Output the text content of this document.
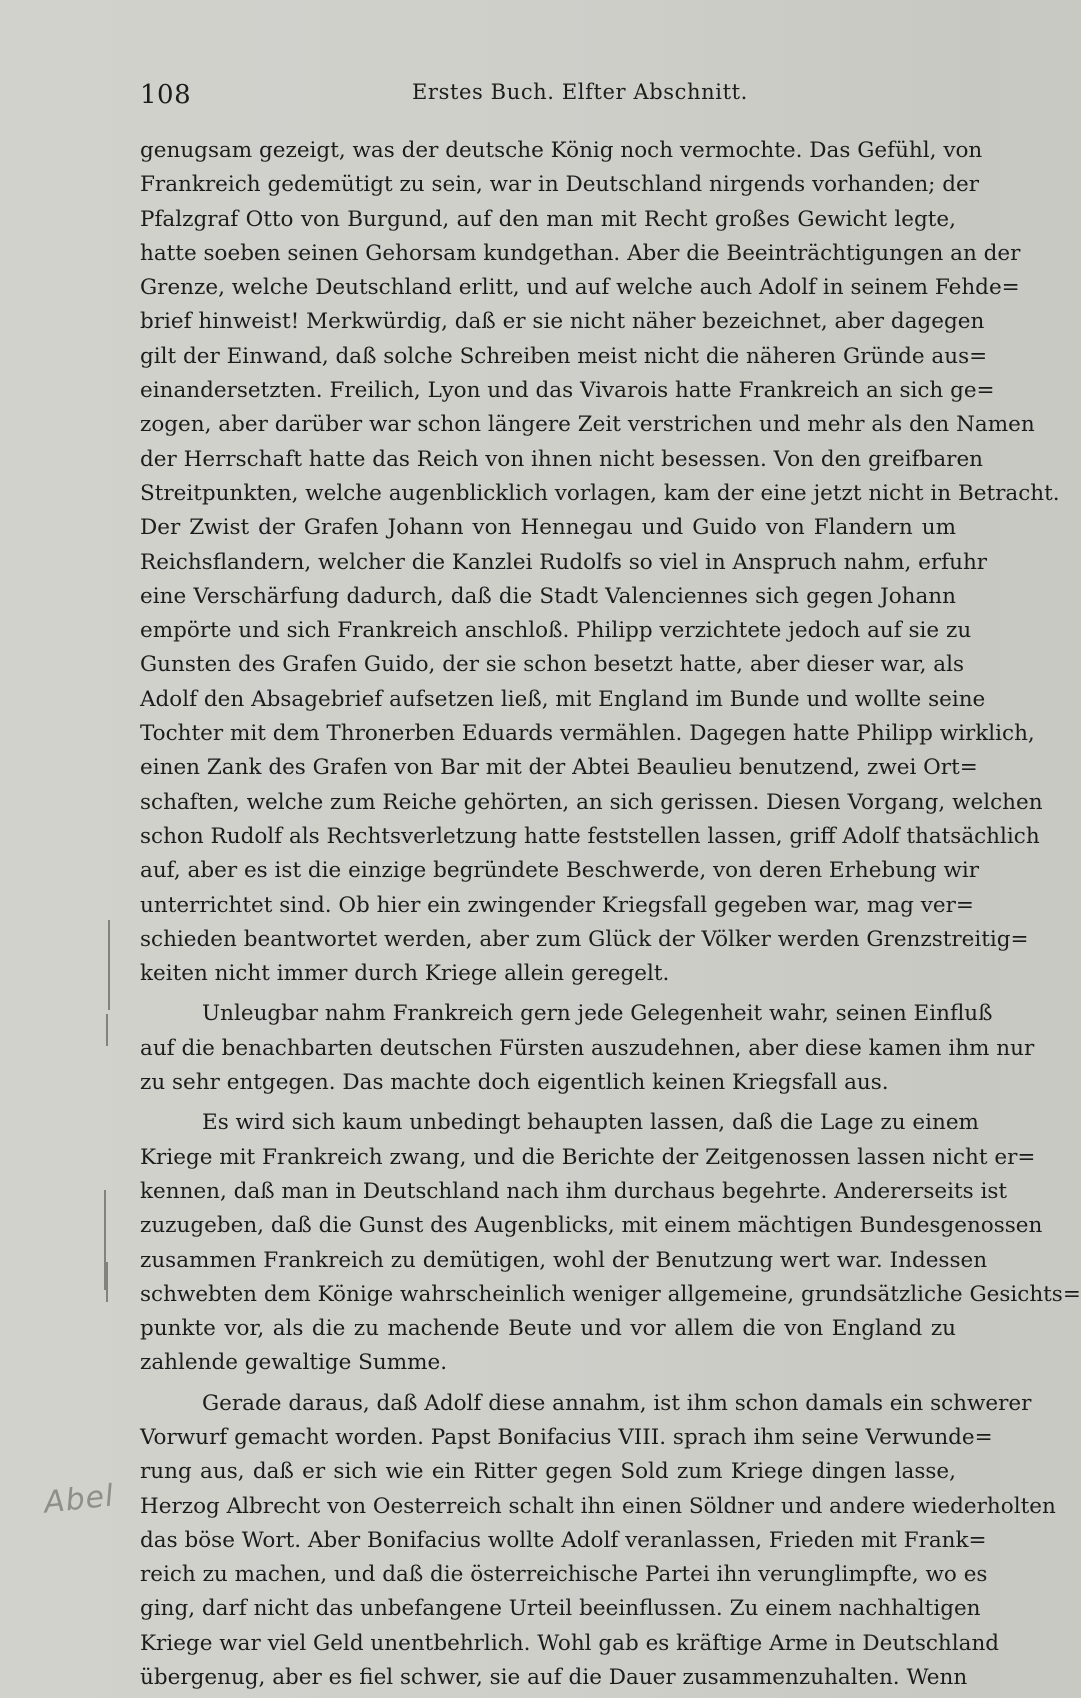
108	Erstes Buch. Elfter Abschnitt.
genugsam gezeigt, was der deutsche König noch vermochte. Das Gefühl, von
Frankreich gedemütigt zu sein, war in Deutschland nirgends vorhanden; der
Pfalzgraf Otto von Burgund, auf den man mit Recht großes Gewicht legte,
hatte soeben seinen Gehorsam kundgethan. Aber die Beeinträchtigungen an der
Grenze, welche Deutschland erlitt, und auf welche auch Adolf in seinem Fehde=
brief hinweist! Merkwürdig, daß er sie nicht näher bezeichnet, aber dagegen
gilt der Einwand, daß solche Schreiben meist nicht die näheren Gründe aus=
einandersetzten. Freilich, Lyon und das Vivarois hatte Frankreich an sich ge=
zogen, aber darüber war schon längere Zeit verstrichen und mehr als den Namen
der Herrschaft hatte das Reich von ihnen nicht besessen. Von den greifbaren
Streitpunkten, welche augenblicklich vorlagen, kam der eine jetzt nicht in Betracht.
Der Zwist der Grafen Johann von Hennegau und Guido von Flandern um
Reichsflandern, welcher die Kanzlei Rudolfs so viel in Anspruch nahm, erfuhr
eine Verschärfung dadurch, daß die Stadt Valenciennes sich gegen Johann
empörte und sich Frankreich anschloß. Philipp verzichtete jedoch auf sie zu
Gunsten des Grafen Guido, der sie schon besetzt hatte, aber dieser war, als
Adolf den Absagebrief aufsetzen ließ, mit England im Bunde und wollte seine
Tochter mit dem Thronerben Eduards vermählen. Dagegen hatte Philipp wirklich,
einen Zank des Grafen von Bar mit der Abtei Beaulieu benutzend, zwei Ort=
schaften, welche zum Reiche gehörten, an sich gerissen. Diesen Vorgang, welchen
schon Rudolf als Rechtsverletzung hatte feststellen lassen, griff Adolf thatsächlich
auf, aber es ist die einzige begründete Beschwerde, von deren Erhebung wir
unterrichtet sind. Ob hier ein zwingender Kriegsfall gegeben war, mag ver=
schieden beantwortet werden, aber zum Glück der Völker werden Grenzstreitig=
keiten nicht immer durch Kriege allein geregelt.
Unleugbar nahm Frankreich gern jede Gelegenheit wahr, seinen Einfluß
auf die benachbarten deutschen Fürsten auszudehnen, aber diese kamen ihm nur
zu sehr entgegen. Das machte doch eigentlich keinen Kriegsfall aus.
Es wird sich kaum unbedingt behaupten lassen, daß die Lage zu einem
Kriege mit Frankreich zwang, und die Berichte der Zeitgenossen lassen nicht er=
kennen, daß man in Deutschland nach ihm durchaus begehrte. Andererseits ist
zuzugeben, daß die Gunst des Augenblicks, mit einem mächtigen Bundesgenossen
zusammen Frankreich zu demütigen, wohl der Benutzung wert war. Indessen
schwebten dem Könige wahrscheinlich weniger allgemeine, grundsätzliche Gesichts=
punkte vor, als die zu machende Beute und vor allem die von England zu
zahlende gewaltige Summe.
Gerade daraus, daß Adolf diese annahm, ist ihm schon damals ein schwerer
Vorwurf gemacht worden. Papst Bonifacius VIII. sprach ihm seine Verwunde=
rung aus, daß er sich wie ein Ritter gegen Sold zum Kriege dingen lasse,
Herzog Albrecht von Oesterreich schalt ihn einen Söldner und andere wiederholten
das böse Wort. Aber Bonifacius wollte Adolf veranlassen, Frieden mit Frank=
reich zu machen, und daß die österreichische Partei ihn verunglimpfte, wo es
ging, darf nicht das unbefangene Urteil beeinflussen. Zu einem nachhaltigen
Kriege war viel Geld unentbehrlich. Wohl gab es kräftige Arme in Deutschland
übergenug, aber es fiel schwer, sie auf die Dauer zusammenzuhalten. Wenn
Abel
